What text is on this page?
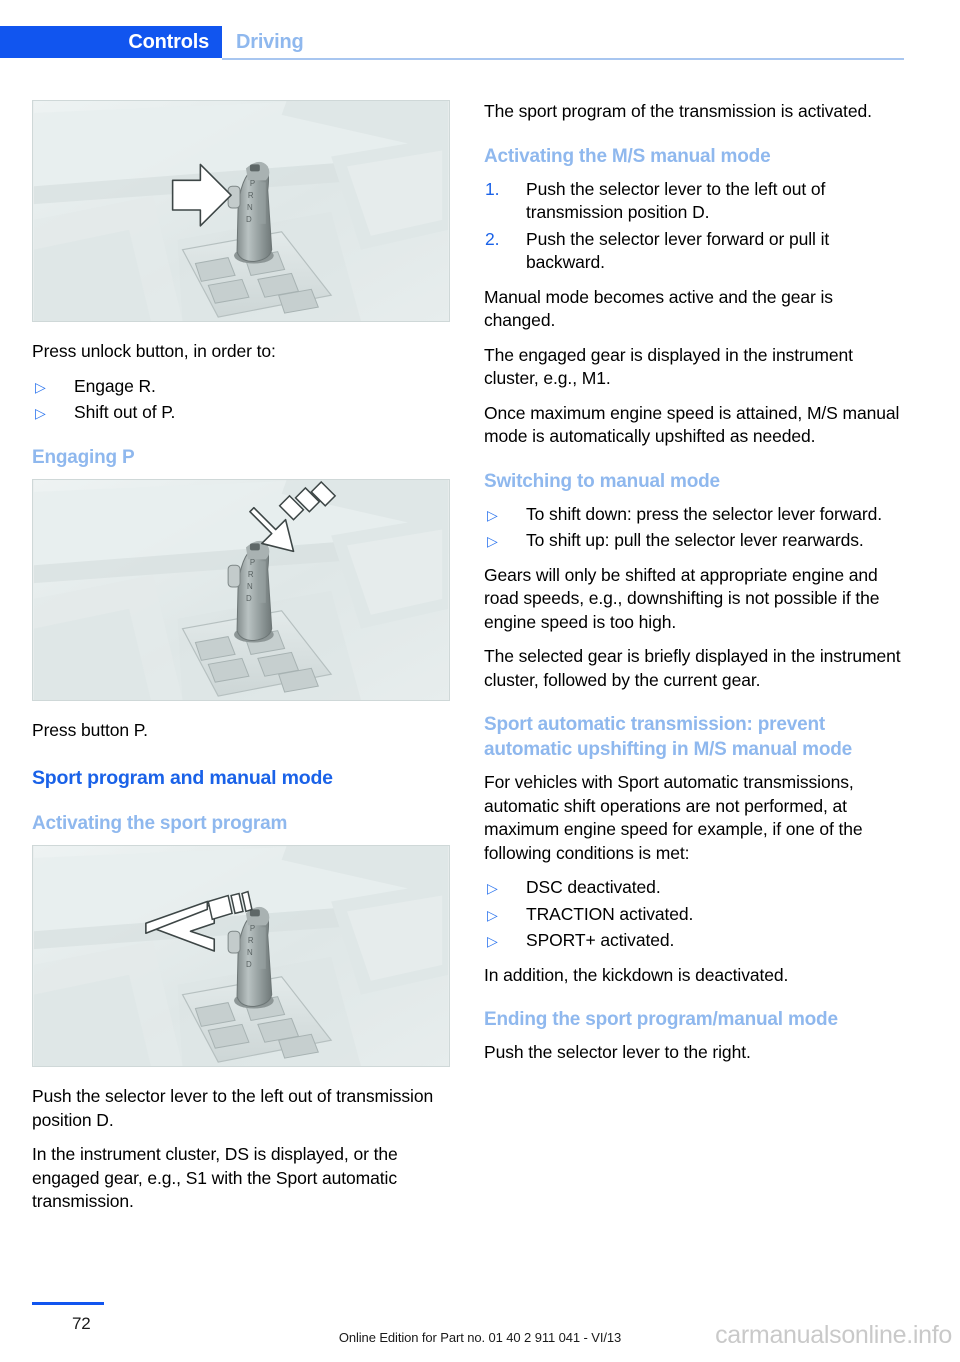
Controls Driving
P
R
N
D

Press unlock button, in order to:

▷ Engage R.
▷ Shift out of P.
Engaging P
P
R
N
D

Press button P.

Sport program and manual mode
Activating the sport program
P
R
N
D

Push the selector lever to the left out of transmission position D.

In the instrument cluster, DS is displayed, or the engaged gear, e.g., S1 with the Sport automatic transmission.

The sport program of the transmission is activated.

Activating the M/S manual mode
1. Push the selector lever to the left out of transmission position D.
2. Push the selector lever forward or pull it backward.

Manual mode becomes active and the gear is changed.

The engaged gear is displayed in the instrument cluster, e.g., M1.

Once maximum engine speed is attained, M/S manual mode is automatically upshifted as needed.

Switching to manual mode
▷ To shift down: press the selector lever forward.
▷ To shift up: pull the selector lever rearwards.

Gears will only be shifted at appropriate engine and road speeds, e.g., downshifting is not possible if the engine speed is too high.

The selected gear is briefly displayed in the instrument cluster, followed by the current gear.

Sport automatic transmission: prevent automatic upshifting in M/S manual mode

For vehicles with Sport automatic transmissions, automatic shift operations are not performed, at maximum engine speed for example, if one of the following conditions is met:

▷ DSC deactivated.
▷ TRACTION activated.
▷ SPORT+ activated.

In addition, the kickdown is deactivated.

Ending the sport program/manual mode

Push the selector lever to the right.

72
Online Edition for Part no. 01 40 2 911 041 - VI/13	carmanualsonline.info
